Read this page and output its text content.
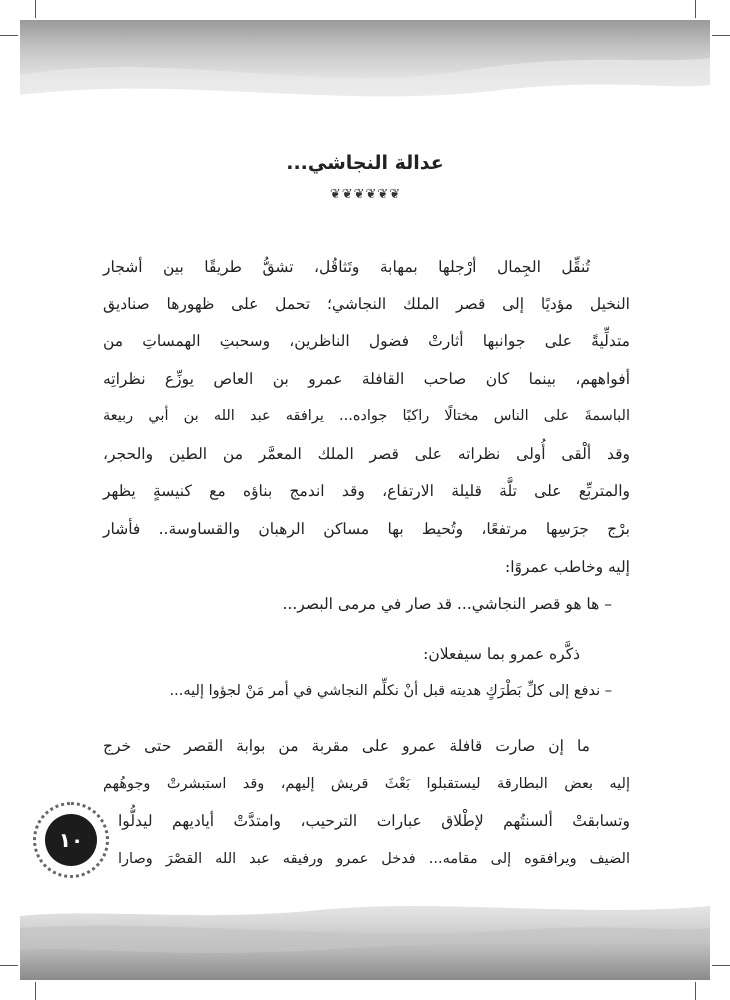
عدالة النجاشي...
❦❦❦❦❦❦
تُنقِّل الجِمال أرْجلها بمهابة وتَثاقُل، تشقُّ طريقًا بين أشجار
النخيل مؤديًا إلى قصر الملك النجاشي؛ تحمل على ظهورها صناديق
متدلِّيةً على جوانبها أثارتْ فضول الناظرين، وسحبتِ الهمساتِ من
أفواههم، بينما كان صاحب القافلة عمرو بن العاص يوزِّع نظراتِه
الباسمةَ على الناس مختالًا راكبًا جواده... يرافقه عبد الله بن أبي ربيعة
وقد ألْقى أُولى نظراته على قصر الملك المعمَّر من الطين والحجر،
والمتربِّع على تلَّة قليلة الارتفاع، وقد اندمج بناؤه مع كنيسةٍ يظهر
برْج جرَسِها مرتفعًا، وتُحيط بها مساكن الرهبان والقساوسة.. فأشار
إليه وخاطب عمروًا:
– ها هو قصر النجاشي... قد صار في مرمى البصر...
ذكَّره عمرو بما سيفعلان:
– ندفع إلى كلِّ بَطْرَكٍ هديته قبل أنْ نكلِّم النجاشي في أمر مَنْ لجؤوا إليه...
ما إن صارت قافلة عمرو على مقربة من بوابة القصر حتى خرج
إليه بعض البطارقة ليستقبلوا بَعْثَ قريش إليهم، وقد استبشرتْ وجوهُهم
وتسابقتْ ألسنتُهم لإطْلاق عبارات الترحيب، وامتدَّتْ أياديهم ليدلُّوا
الضيف ويرافقوه إلى مقامه... فدخل عمرو ورفيقه عبد الله القصْرَ وصارا
١٠
